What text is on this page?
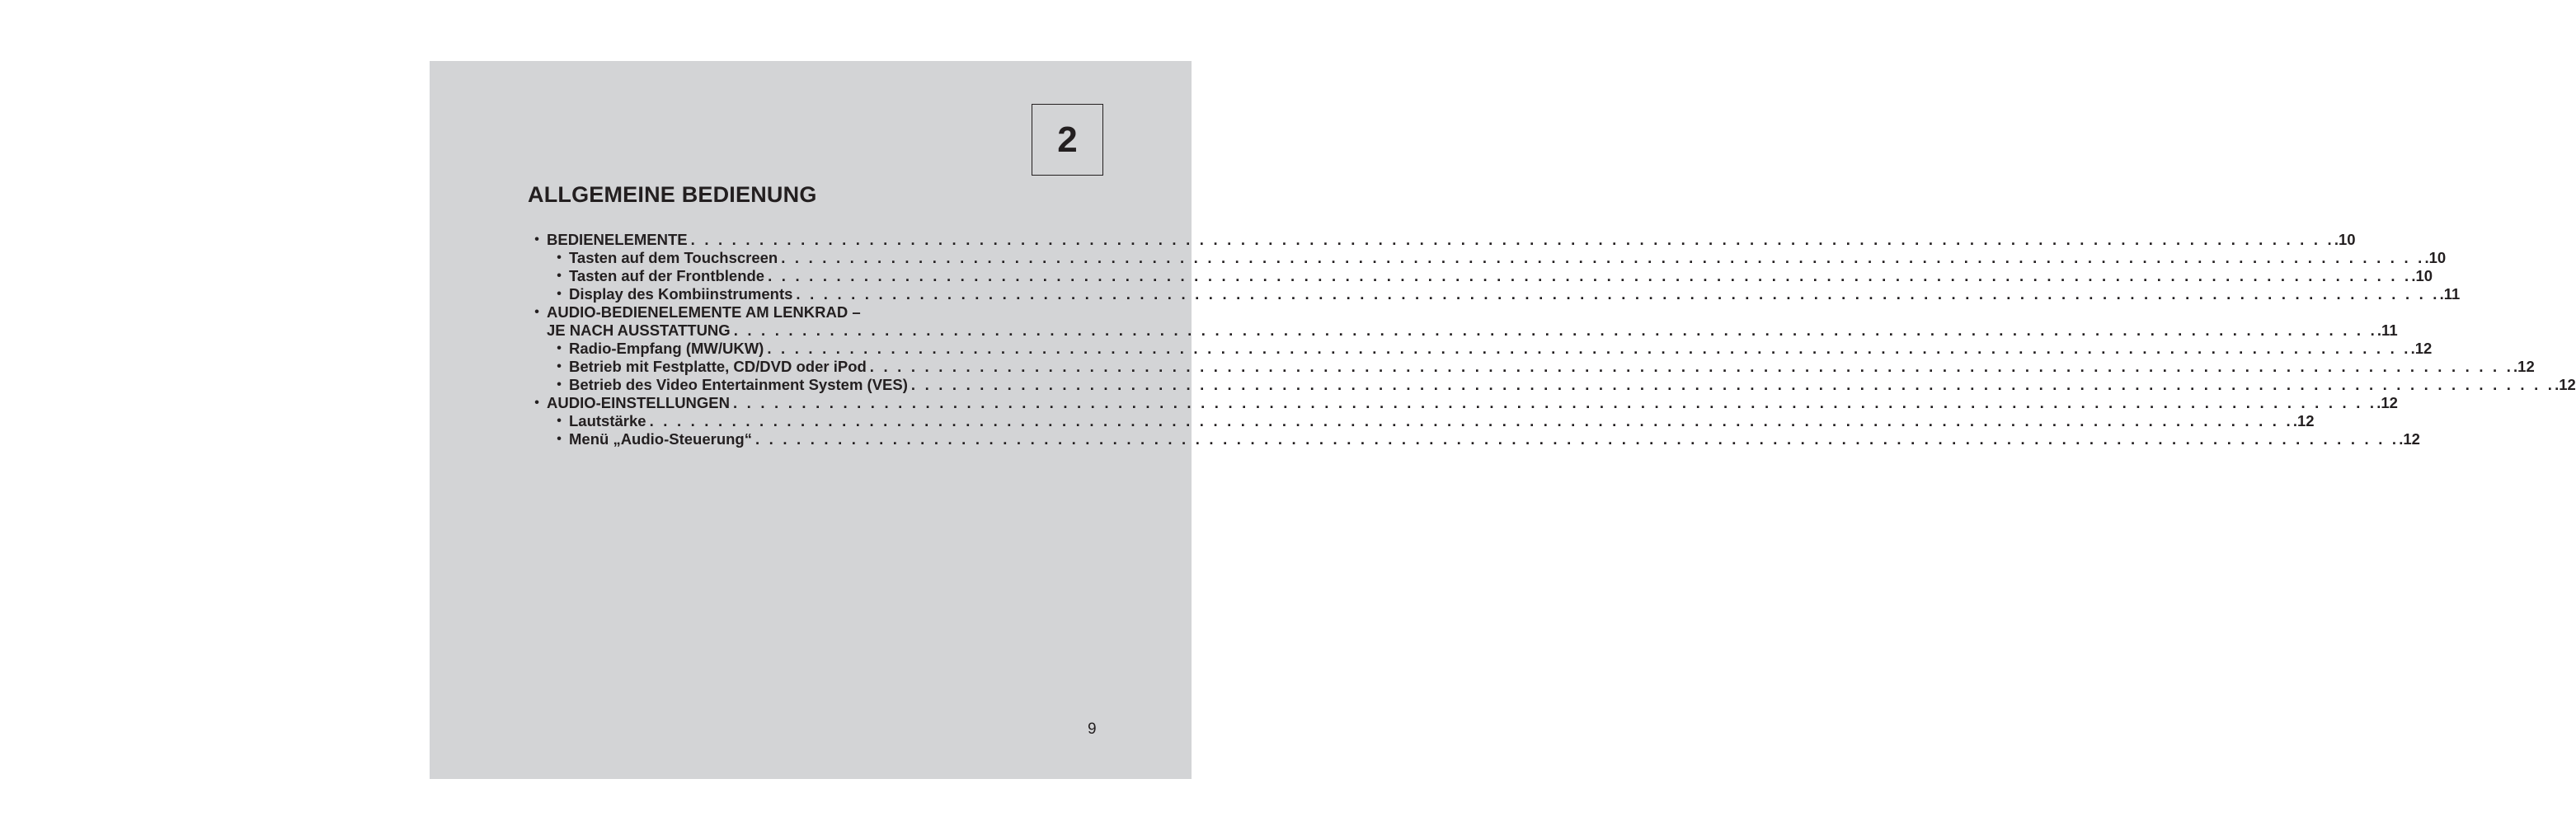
2
ALLGEMEINE BEDIENUNG
• BEDIENELEMENTE . . . . . . . . . . . . . . . . . . . . . . . . . . . . . . . . . . . . . . . . . . . . . . . . . . . . . . . . . . . . . . . . . . . . . . . . . . . . . . . . . . . . . . . . . . . . . . . . . . . . . . . . . . . . . . . . . . . . . . . . .10
• Tasten auf dem Touchscreen . . . . . . . . . . . . . . . . . . . . . . . . . . . . . . . . . . . . . . . . . . . . . . . . . . . . . . . . . . . . . . . . . . . . . . . . . . . . . . . . . . . . . . . . . . . . . . . . . . . . . . . . . . . . . . . . . . . . . . . . .10
• Tasten auf der Frontblende . . . . . . . . . . . . . . . . . . . . . . . . . . . . . . . . . . . . . . . . . . . . . . . . . . . . . . . . . . . . . . . . . . . . . . . . . . . . . . . . . . . . . . . . . . . . . . . . . . . . . . . . . . . . . . . . . . . . . . . . .10
• Display des Kombiinstruments . . . . . . . . . . . . . . . . . . . . . . . . . . . . . . . . . . . . . . . . . . . . . . . . . . . . . . . . . . . . . . . . . . . . . . . . . . . . . . . . . . . . . . . . . . . . . . . . . . . . . . . . . . . . . . . . . . . . . . . . .11
• AUDIO-BEDIENELEMENTE AM LENKRAD –
JE NACH AUSSTATTUNG . . . . . . . . . . . . . . . . . . . . . . . . . . . . . . . . . . . . . . . . . . . . . . . . . . . . . . . . . . . . . . . . . . . . . . . . . . . . . . . . . . . . . . . . . . . . . . . . . . . . . . . . . . . . . . . . . . . . . . . . .11
• Radio-Empfang (MW/UKW) . . . . . . . . . . . . . . . . . . . . . . . . . . . . . . . . . . . . . . . . . . . . . . . . . . . . . . . . . . . . . . . . . . . . . . . . . . . . . . . . . . . . . . . . . . . . . . . . . . . . . . . . . . . . . . . . . . . . . . . . .12
• Betrieb mit Festplatte, CD/DVD oder iPod . . . . . . . . . . . . . . . . . . . . . . . . . . . . . . . . . . . . . . . . . . . . . . . . . . . . . . . . . . . . . . . . . . . . . . . . . . . . . . . . . . . . . . . . . . . . . . . . . . . . . . . . . . . . . . . . . . . . . . . . .12
• Betrieb des Video Entertainment System (VES) . . . . . . . . . . . . . . . . . . . . . . . . . . . . . . . . . . . . . . . . . . . . . . . . . . . . . . . . . . . . . . . . . . . . . . . . . . . . . . . . . . . . . . . . . . . . . . . . . . . . . . . . . . . . . . . . . . . . . . . . .12
• AUDIO-EINSTELLUNGEN . . . . . . . . . . . . . . . . . . . . . . . . . . . . . . . . . . . . . . . . . . . . . . . . . . . . . . . . . . . . . . . . . . . . . . . . . . . . . . . . . . . . . . . . . . . . . . . . . . . . . . . . . . . . . . . . . . . . . . . . .12
• Lautstärke . . . . . . . . . . . . . . . . . . . . . . . . . . . . . . . . . . . . . . . . . . . . . . . . . . . . . . . . . . . . . . . . . . . . . . . . . . . . . . . . . . . . . . . . . . . . . . . . . . . . . . . . . . . . . . . . . . . . . . . . .12
• Menü „Audio-Steuerung“ . . . . . . . . . . . . . . . . . . . . . . . . . . . . . . . . . . . . . . . . . . . . . . . . . . . . . . . . . . . . . . . . . . . . . . . . . . . . . . . . . . . . . . . . . . . . . . . . . . . . . . . . . . . . . . . . . . . . . . . . .12
9
